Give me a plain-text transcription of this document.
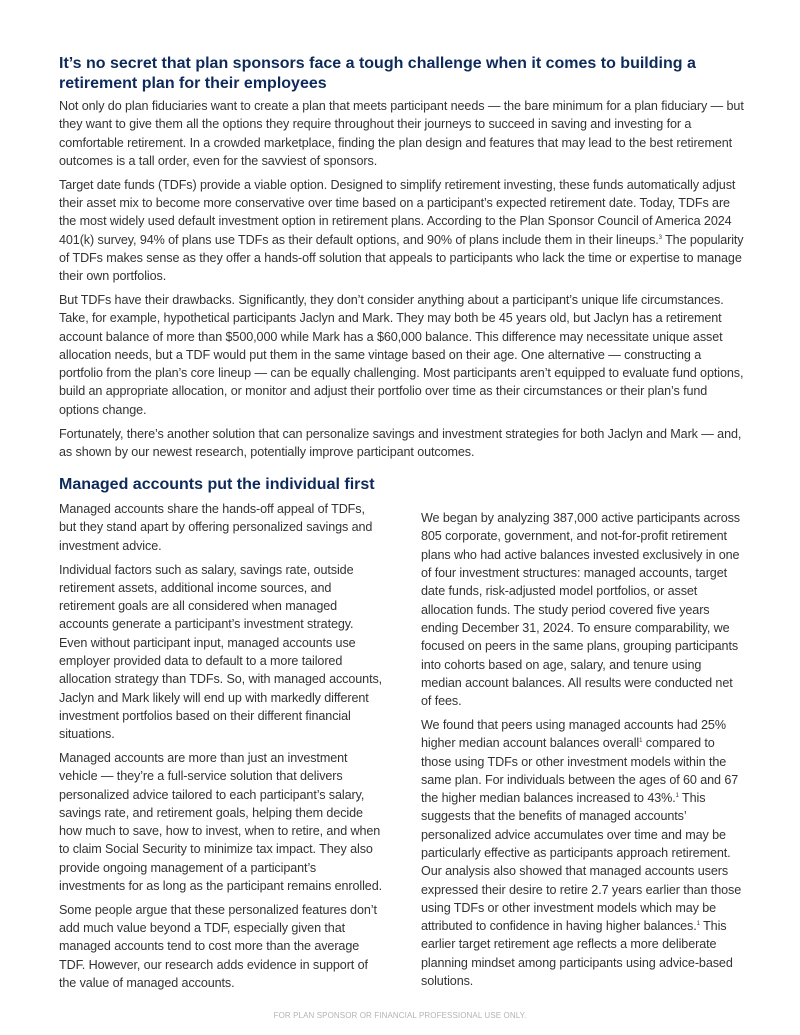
It’s no secret that plan sponsors face a tough challenge when it comes to building a retirement plan for their employees

Not only do plan fiduciaries want to create a plan that meets participant needs — the bare minimum for a plan fiduciary — but they want to give them all the options they require throughout their journeys to succeed in saving and investing for a comfortable retirement. In a crowded marketplace, finding the plan design and features that may lead to the best retirement outcomes is a tall order, even for the savviest of sponsors.

Target date funds (TDFs) provide a viable option. Designed to simplify retirement investing, these funds automatically adjust their asset mix to become more conservative over time based on a participant’s expected retirement date. Today, TDFs are the most widely used default investment option in retirement plans. According to the Plan Sponsor Council of America 2024 401(k) survey, 94% of plans use TDFs as their default options, and 90% of plans include them in their lineups.$^3$ The popularity of TDFs makes sense as they offer a hands-off solution that appeals to participants who lack the time or expertise to manage their own portfolios.

But TDFs have their drawbacks. Significantly, they don’t consider anything about a participant’s unique life circumstances. Take, for example, hypothetical participants Jaclyn and Mark. They may both be 45 years old, but Jaclyn has a retirement account balance of more than $500,000 while Mark has a $60,000 balance. This difference may necessitate unique asset allocation needs, but a TDF would put them in the same vintage based on their age. One alternative — constructing a portfolio from the plan’s core lineup — can be equally challenging. Most participants aren’t equipped to evaluate fund options, build an appropriate allocation, or monitor and adjust their portfolio over time as their circumstances or their plan’s fund options change.

Fortunately, there’s another solution that can personalize savings and investment strategies for both Jaclyn and Mark — and, as shown by our newest research, potentially improve participant outcomes.

Managed accounts put the individual first

Managed accounts share the hands-off appeal of TDFs, but they stand apart by offering personalized savings and investment advice.

Individual factors such as salary, savings rate, outside retirement assets, additional income sources, and retirement goals are all considered when managed accounts generate a participant’s investment strategy. Even without participant input, managed accounts use employer provided data to default to a more tailored allocation strategy than TDFs. So, with managed accounts, Jaclyn and Mark likely will end up with markedly different investment portfolios based on their different financial situations.

Managed accounts are more than just an investment vehicle — they’re a full-service solution that delivers personalized advice tailored to each participant’s salary, savings rate, and retirement goals, helping them decide how much to save, how to invest, when to retire, and when to claim Social Security to minimize tax impact. They also provide ongoing management of a participant’s investments for as long as the participant remains enrolled.

Some people argue that these personalized features don’t add much value beyond a TDF, especially given that managed accounts tend to cost more than the average TDF. However, our research adds evidence in support of the value of managed accounts.

We began by analyzing 387,000 active participants across 805 corporate, government, and not-for-profit retirement plans who had active balances invested exclusively in one of four investment structures: managed accounts, target date funds, risk-adjusted model portfolios, or asset allocation funds. The study period covered five years ending December 31, 2024. To ensure comparability, we focused on peers in the same plans, grouping participants into cohorts based on age, salary, and tenure using median account balances. All results were conducted net of fees.

We found that peers using managed accounts had 25% higher median account balances overall$^1$ compared to those using TDFs or other investment models within the same plan. For individuals between the ages of 60 and 67 the higher median balances increased to 43%.$^1$ This suggests that the benefits of managed accounts’ personalized advice accumulates over time and may be particularly effective as participants approach retirement. Our analysis also showed that managed accounts users expressed their desire to retire 2.7 years earlier than those using TDFs or other investment models which may be attributed to confidence in having higher balances.$^1$ This earlier target retirement age reflects a more deliberate planning mindset among participants using advice-based solutions.

FOR PLAN SPONSOR OR FINANCIAL PROFESSIONAL USE ONLY.
